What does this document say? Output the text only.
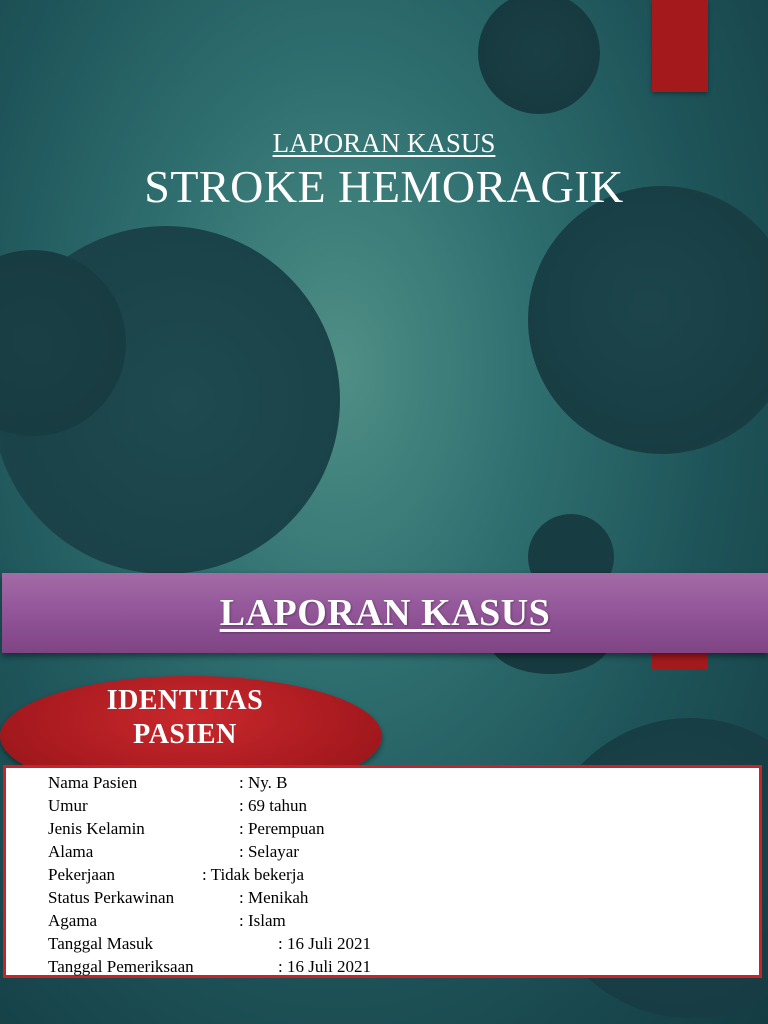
LAPORAN KASUS
STROKE HEMORAGIK
LAPORAN KASUS
IDENTITAS
PASIEN
Nama Pasien	: Ny. B
Umur	: 69 tahun
Jenis Kelamin	: Perempuan
Alama	: Selayar
Pekerjaan	: Tidak bekerja
Status Perkawinan	: Menikah
Agama	: Islam
Tanggal Masuk	: 16 Juli 2021
Tanggal Pemeriksaan	: 16 Juli 2021
